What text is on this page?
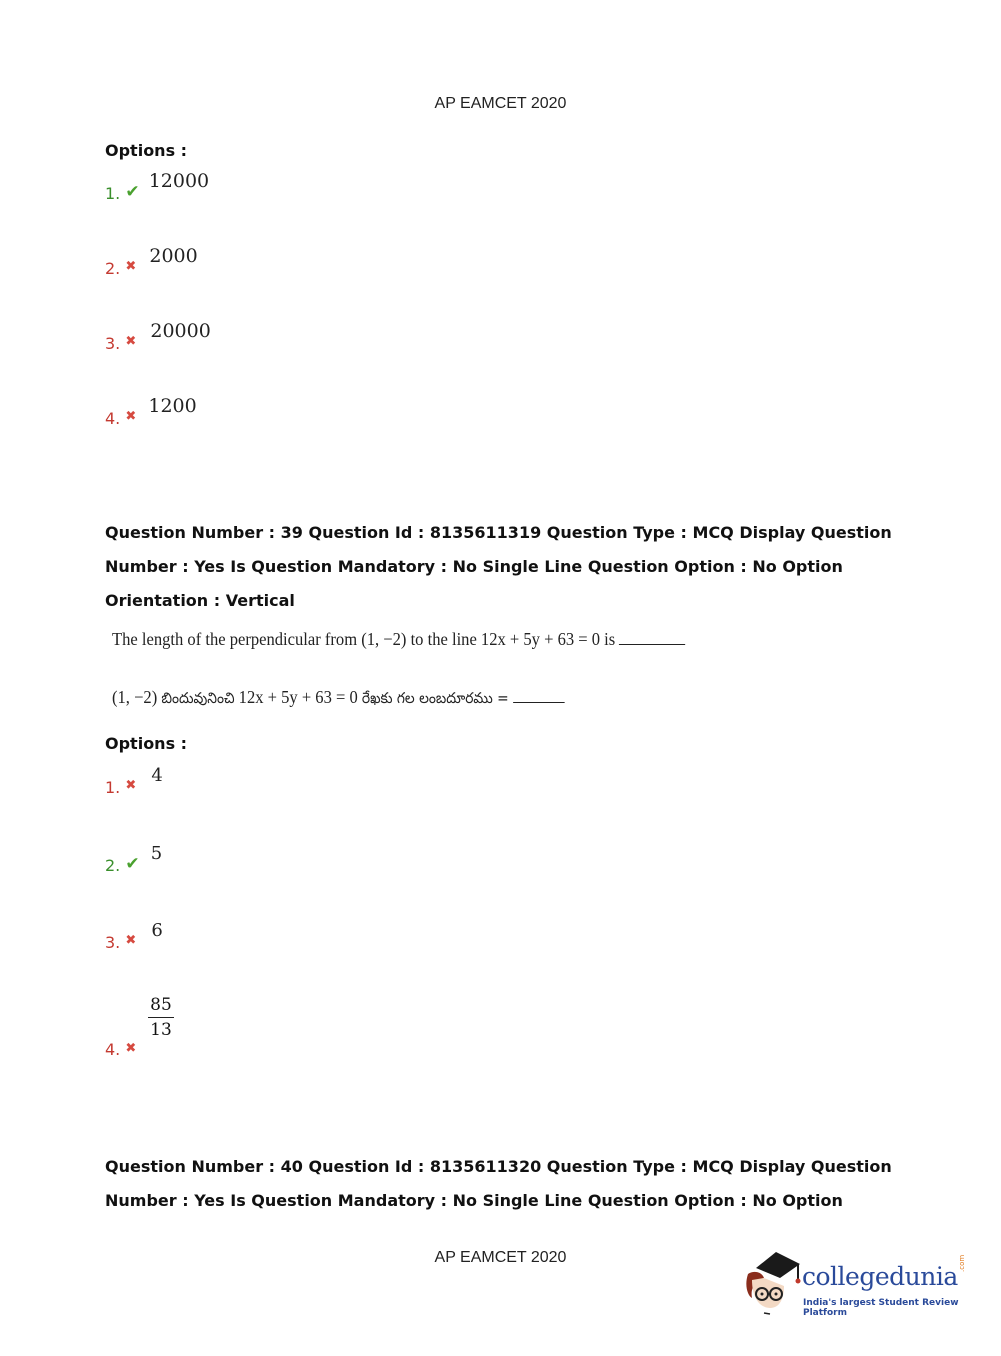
AP EAMCET 2020
Options :
1. ✔ 12000
2. ✖ 2000
3. ✖ 20000
4. ✖ 1200
Question Number : 39 Question Id : 8135611319 Question Type : MCQ Display Question
Number : Yes Is Question Mandatory : No Single Line Question Option : No Option
Orientation : Vertical
The length of the perpendicular from (1, −2) to the line 12x + 5y + 63 = 0 is
(1, −2) బిందువునించి 12x + 5y + 63 = 0 రేఖకు గల లంబదూరము =
Options :
1. ✖ 4
2. ✔ 5
3. ✖ 6
4. ✖
85
13
Question Number : 40 Question Id : 8135611320 Question Type : MCQ Display Question
Number : Yes Is Question Mandatory : No Single Line Question Option : No Option
AP EAMCET 2020
collegedunia .com
India's largest Student Review Platform
